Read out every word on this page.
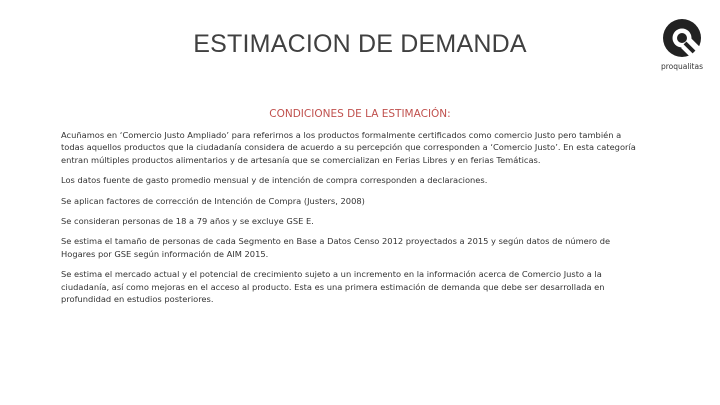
ESTIMACION DE DEMANDA
proqualitas
CONDICIONES DE LA ESTIMACIÓN:

Acuñamos en ‘Comercio Justo Ampliado’ para referirnos a los productos formalmente certificados como comercio Justo pero también a todas aquellos productos que la ciudadanía considera de acuerdo a su percepción que corresponden a ‘Comercio Justo’. En esta categoría entran múltiples productos alimentarios y de artesanía que se comercializan en Ferias Libres y en ferias Temáticas.

Los datos fuente de gasto promedio mensual y de intención de compra corresponden a declaraciones.

Se aplican factores de corrección de Intención de Compra (Justers, 2008)

Se consideran personas de 18 a 79 años y se excluye GSE E.

Se estima el tamaño de personas de cada Segmento en Base a Datos Censo 2012 proyectados a 2015 y según datos de número de Hogares por GSE según información de AIM 2015.

Se estima el mercado actual y el potencial de crecimiento sujeto a un incremento en la información acerca de Comercio Justo a la ciudadanía, así como mejoras en el acceso al producto. Esta es una primera estimación de demanda que debe ser desarrollada en profundidad en estudios posteriores.
